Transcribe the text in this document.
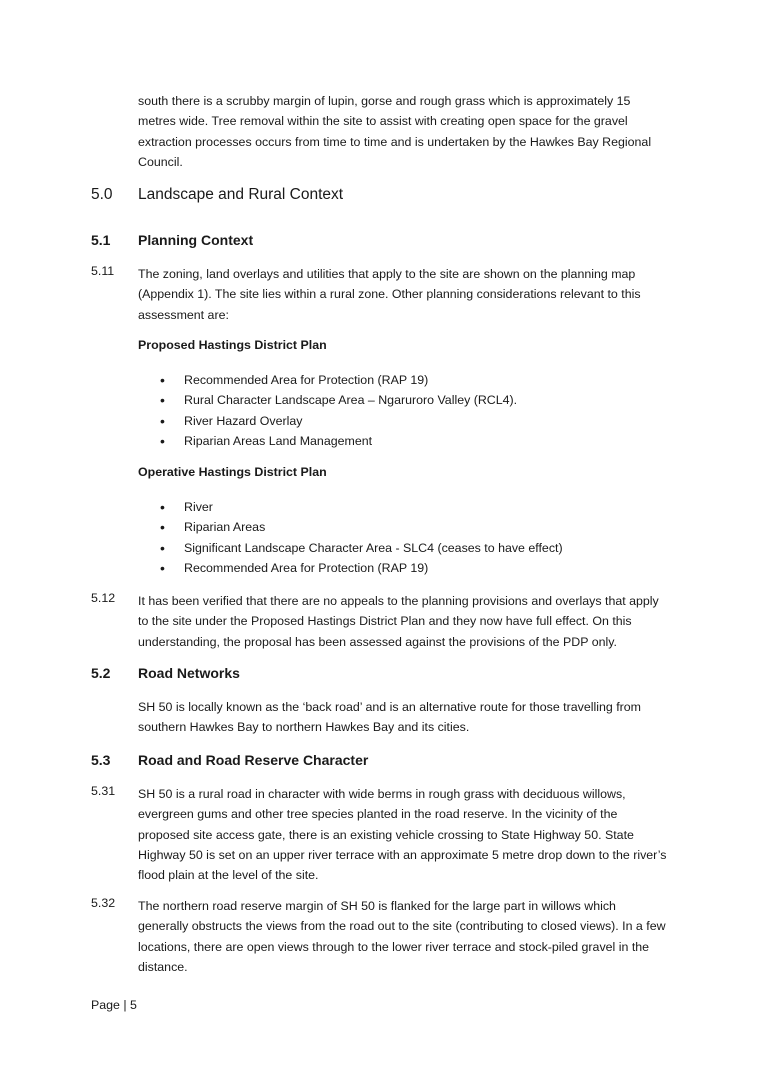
south there is a scrubby margin of lupin, gorse and rough grass which is approximately 15 metres wide. Tree removal within the site to assist with creating open space for the gravel extraction processes occurs from time to time and is undertaken by the Hawkes Bay Regional Council.

5.0 Landscape and Rural Context

5.1 Planning Context

5.11 The zoning, land overlays and utilities that apply to the site are shown on the planning map (Appendix 1). The site lies within a rural zone. Other planning considerations relevant to this assessment are:

Proposed Hastings District Plan

• Recommended Area for Protection (RAP 19)
• Rural Character Landscape Area – Ngaruroro Valley (RCL4).
• River Hazard Overlay
• Riparian Areas Land Management

Operative Hastings District Plan

• River
• Riparian Areas
• Significant Landscape Character Area - SLC4 (ceases to have effect)
• Recommended Area for Protection (RAP 19)

5.12 It has been verified that there are no appeals to the planning provisions and overlays that apply to the site under the Proposed Hastings District Plan and they now have full effect. On this understanding, the proposal has been assessed against the provisions of the PDP only.

5.2 Road Networks

SH 50 is locally known as the ‘back road’ and is an alternative route for those travelling from southern Hawkes Bay to northern Hawkes Bay and its cities.

5.3 Road and Road Reserve Character

5.31 SH 50 is a rural road in character with wide berms in rough grass with deciduous willows, evergreen gums and other tree species planted in the road reserve. In the vicinity of the proposed site access gate, there is an existing vehicle crossing to State Highway 50. State Highway 50 is set on an upper river terrace with an approximate 5 metre drop down to the river’s flood plain at the level of the site.

5.32 The northern road reserve margin of SH 50 is flanked for the large part in willows which generally obstructs the views from the road out to the site (contributing to closed views). In a few locations, there are open views through to the lower river terrace and stock-piled gravel in the distance.

Page | 5
